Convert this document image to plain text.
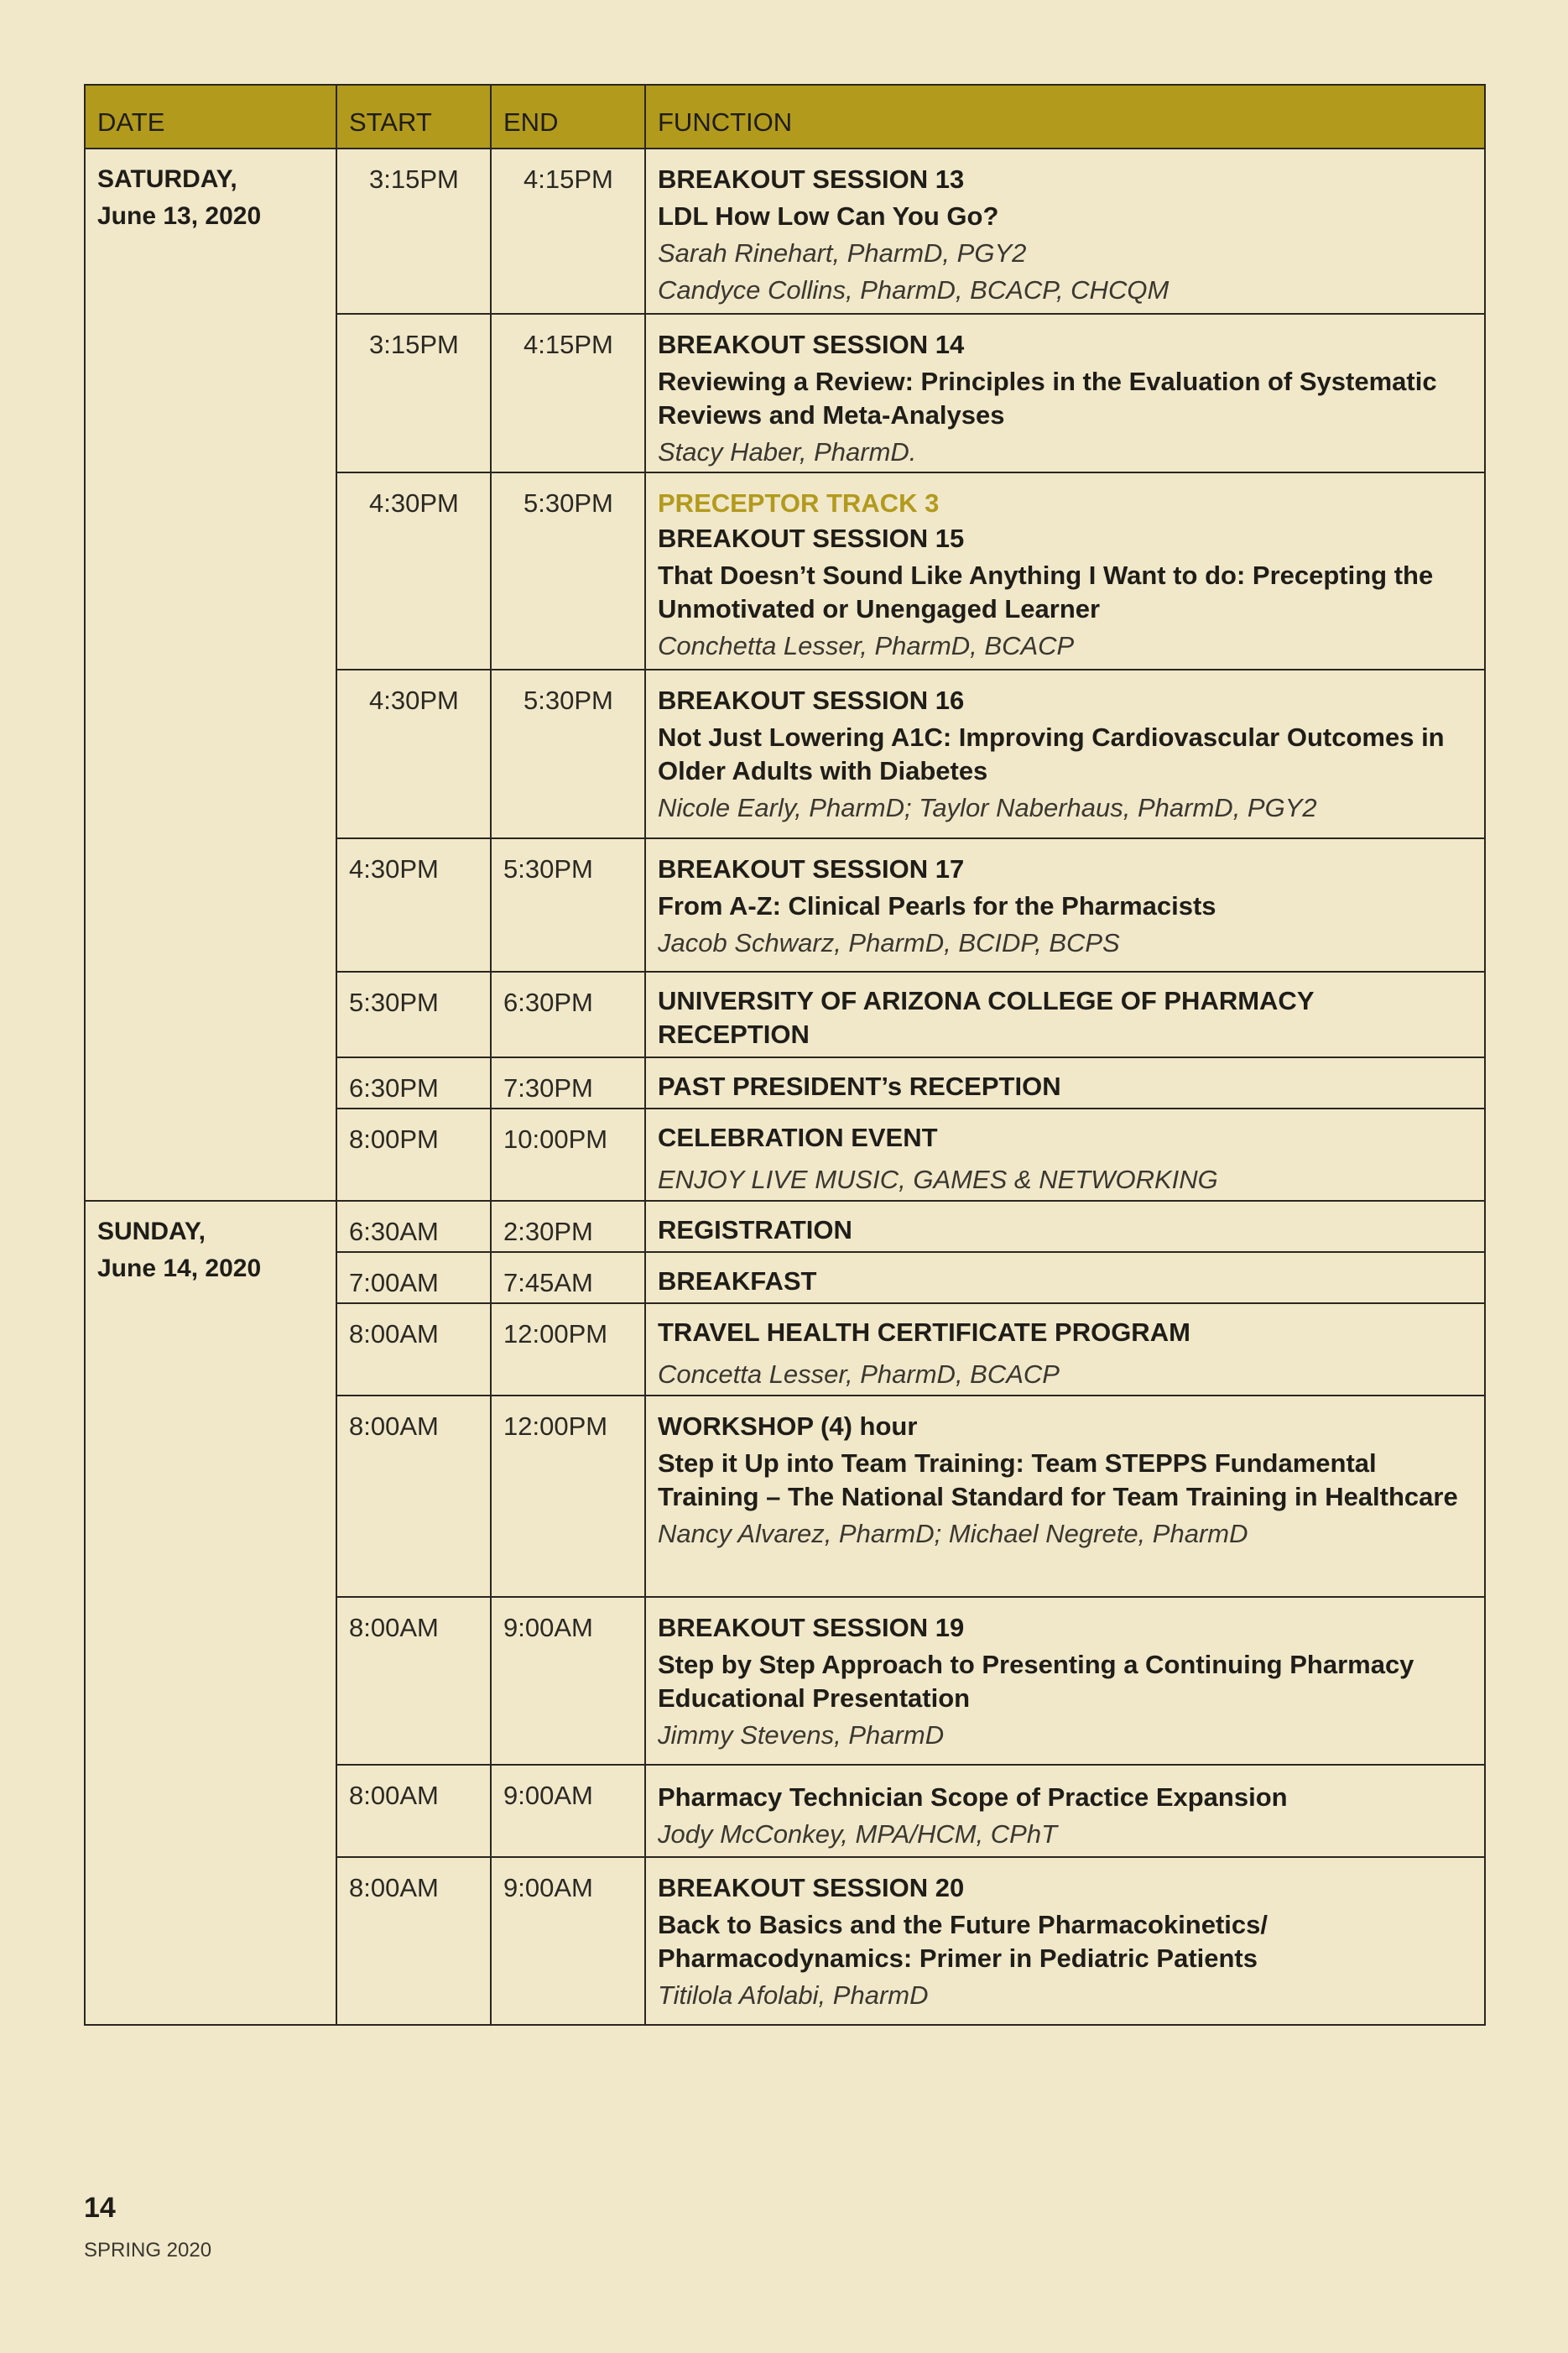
DATE	START	END	FUNCTION

SATURDAY,
June 13, 2020	3:15PM	4:15PM	BREAKOUT SESSION 13
LDL How Low Can You Go?
Sarah Rinehart, PharmD, PGY2
Candyce Collins, PharmD, BCACP, CHCQM

	3:15PM	4:15PM	BREAKOUT SESSION 14
Reviewing a Review: Principles in the Evaluation of Systematic Reviews and Meta-Analyses
Stacy Haber, PharmD.

	4:30PM	5:30PM	PRECEPTOR TRACK 3
BREAKOUT SESSION 15
That Doesn’t Sound Like Anything I Want to do: Precepting the Unmotivated or Unengaged Learner
Conchetta Lesser, PharmD, BCACP

	4:30PM	5:30PM	BREAKOUT SESSION 16
Not Just Lowering A1C: Improving Cardiovascular Outcomes in Older Adults with Diabetes
Nicole Early, PharmD; Taylor Naberhaus, PharmD, PGY2

	4:30PM	5:30PM	BREAKOUT SESSION 17
From A-Z: Clinical Pearls for the Pharmacists
Jacob Schwarz, PharmD, BCIDP, BCPS

	5:30PM	6:30PM	UNIVERSITY OF ARIZONA COLLEGE OF PHARMACY RECEPTION

	6:30PM	7:30PM	PAST PRESIDENT’s RECEPTION

	8:00PM	10:00PM	CELEBRATION EVENT
ENJOY LIVE MUSIC, GAMES & NETWORKING

SUNDAY,
June 14, 2020	6:30AM	2:30PM	REGISTRATION

	7:00AM	7:45AM	BREAKFAST

	8:00AM	12:00PM	TRAVEL HEALTH CERTIFICATE PROGRAM
Concetta Lesser, PharmD, BCACP

	8:00AM	12:00PM	WORKSHOP (4) hour
Step it Up into Team Training: Team STEPPS Fundamental Training – The National Standard for Team Training in Healthcare
Nancy Alvarez, PharmD; Michael Negrete, PharmD

	8:00AM	9:00AM	BREAKOUT SESSION 19
Step by Step Approach to Presenting a Continuing Pharmacy Educational Presentation
Jimmy Stevens, PharmD

	8:00AM	9:00AM	Pharmacy Technician Scope of Practice Expansion
Jody McConkey, MPA/HCM, CPhT

	8:00AM	9:00AM	BREAKOUT SESSION 20
Back to Basics and the Future Pharmacokinetics/ Pharmacodynamics: Primer in Pediatric Patients
Titilola Afolabi, PharmD
14
SPRING 2020
